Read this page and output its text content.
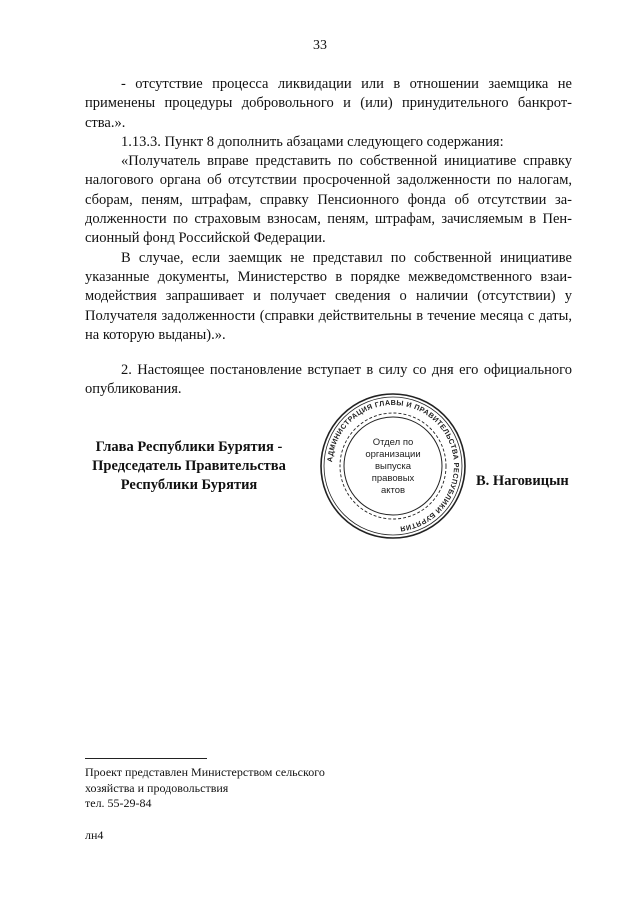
33

- отсутствие процесса ликвидации или в отношении заемщика не применены процедуры добровольного и (или) принудительного банкротства.».

1.13.3. Пункт 8 дополнить абзацами следующего содержания:

«Получатель вправе представить по собственной инициативе справку налогового органа об отсутствии просроченной задолженности по налогам, сборам, пеням, штрафам, справку Пенсионного фонда об отсутствии задолженности по страховым взносам, пеням, штрафам, зачисляемым в Пенсионный фонд Российской Федерации.

В случае, если заемщик не представил по собственной инициативе указанные документы, Министерство в порядке межведомственного взаимодействия запрашивает и получает сведения о наличии (отсутствии) у Получателя задолженности (справки действительны в течение месяца с даты, на которую выданы).».

2. Настоящее постановление вступает в силу со дня его официального опубликования.

Глава Республики Бурятия -
Председатель Правительства
Республики Бурятия
АДМИНИСТРАЦИЯ ГЛАВЫ И ПРАВИТЕЛЬСТВА РЕСПУБЛИКИ БУРЯТИЯ
Отдел по
организации
выпуска
правовых
актов
В. Наговицын
Проект представлен Министерством сельского
хозяйства и продовольствия
тел. 55-29-84
лн4
